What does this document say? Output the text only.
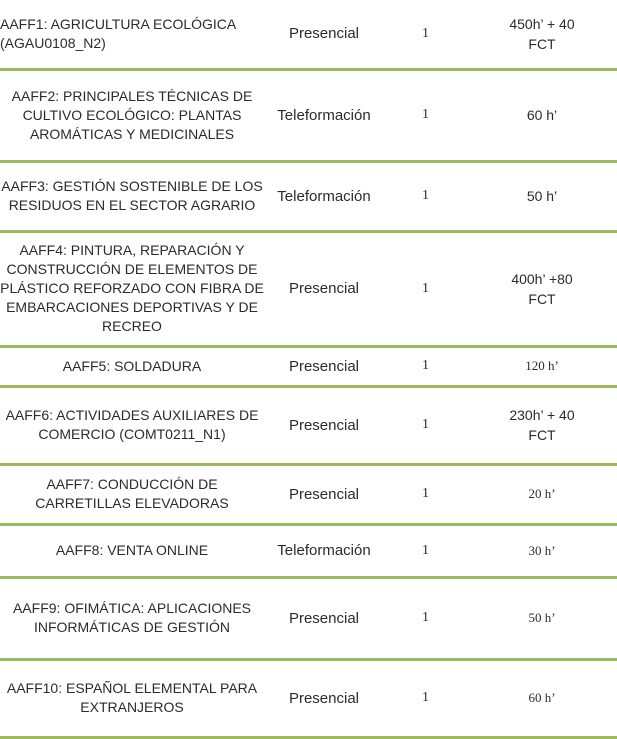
AAFF1: AGRICULTURA ECOLÓGICA (AGAU0108_N2)	Presencial	1	450h’ + 40
FCT

AAFF2: PRINCIPALES TÉCNICAS DE CULTIVO ECOLÓGICO: PLANTAS AROMÁTICAS Y MEDICINALES	Teleformación	1	60 h’

AAFF3: GESTIÓN SOSTENIBLE DE LOS RESIDUOS EN EL SECTOR AGRARIO	Teleformación	1	50 h’

AAFF4: PINTURA, REPARACIÓN Y CONSTRUCCIÓN DE ELEMENTOS DE PLÁSTICO REFORZADO CON FIBRA DE EMBARCACIONES DEPORTIVAS Y DE RECREO	Presencial	1	400h’ +80
FCT

AAFF5: SOLDADURA	Presencial	1	120 h’

AAFF6: ACTIVIDADES AUXILIARES DE COMERCIO (COMT0211_N1)	Presencial	1	230h’ + 40
FCT

AAFF7: CONDUCCIÓN DE CARRETILLAS ELEVADORAS	Presencial	1	20 h’

AAFF8: VENTA ONLINE	Teleformación	1	30 h’

AAFF9: OFIMÁTICA: APLICACIONES INFORMÁTICAS DE GESTIÓN	Presencial	1	50 h’

AAFF10: ESPAÑOL ELEMENTAL PARA EXTRANJEROS	Presencial	1	60 h’
